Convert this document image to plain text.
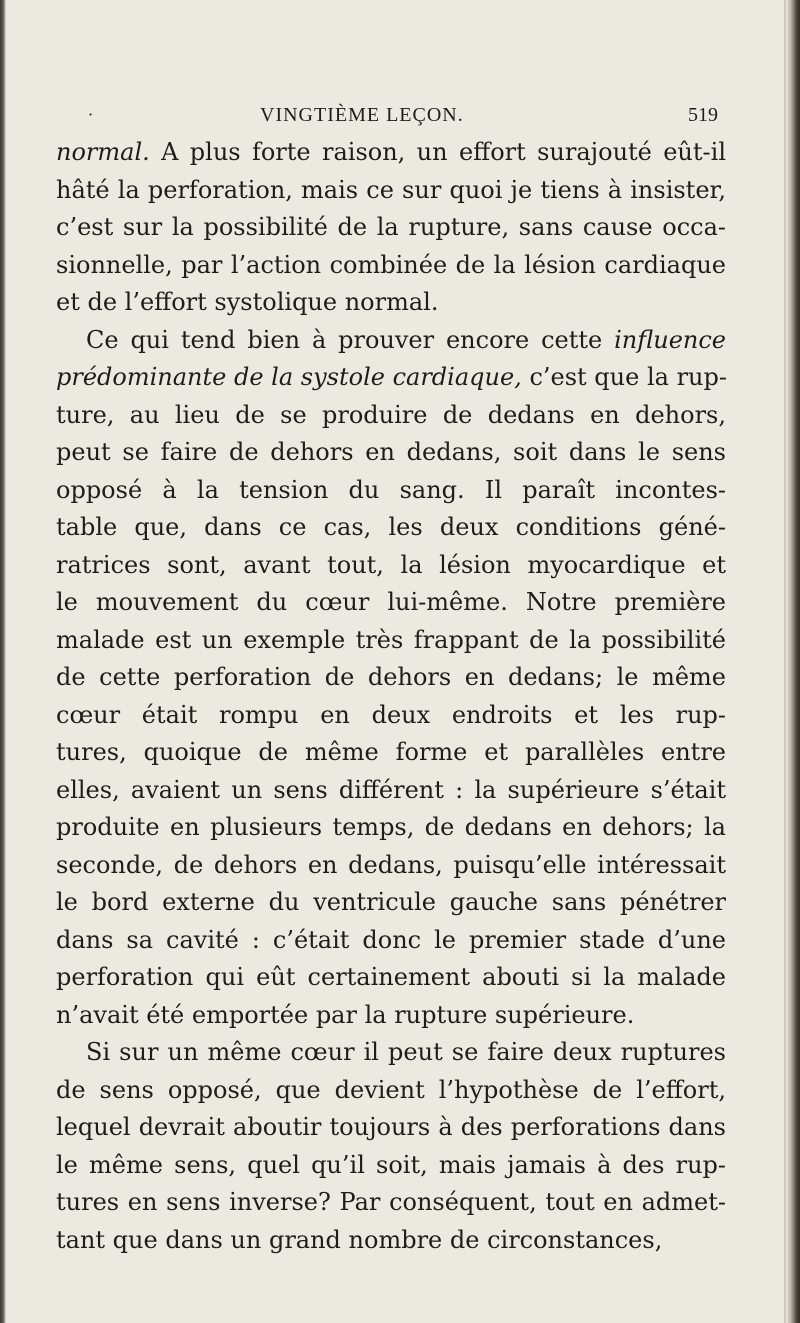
·	VINGTIÈME LEÇON.	519
normal. A plus forte raison, un effort surajouté eût-il
hâté la perforation, mais ce sur quoi je tiens à insister,
c’est sur la possibilité de la rupture, sans cause occa-
sionnelle, par l’action combinée de la lésion cardiaque
et de l’effort systolique normal.
Ce qui tend bien à prouver encore cette influence
prédominante de la systole cardiaque, c’est que la rup-
ture, au lieu de se produire de dedans en dehors,
peut se faire de dehors en dedans, soit dans le sens
opposé à la tension du sang. Il paraît incontes-
table que, dans ce cas, les deux conditions géné-
ratrices sont, avant tout, la lésion myocardique et
le mouvement du cœur lui-même. Notre première
malade est un exemple très frappant de la possibilité
de cette perforation de dehors en dedans; le même
cœur était rompu en deux endroits et les rup-
tures, quoique de même forme et parallèles entre
elles, avaient un sens différent : la supérieure s’était
produite en plusieurs temps, de dedans en dehors; la
seconde, de dehors en dedans, puisqu’elle intéressait
le bord externe du ventricule gauche sans pénétrer
dans sa cavité : c’était donc le premier stade d’une
perforation qui eût certainement abouti si la malade
n’avait été emportée par la rupture supérieure.
Si sur un même cœur il peut se faire deux ruptures
de sens opposé, que devient l’hypothèse de l’effort,
lequel devrait aboutir toujours à des perforations dans
le même sens, quel qu’il soit, mais jamais à des rup-
tures en sens inverse? Par conséquent, tout en admet-
tant que dans un grand nombre de circonstances,
